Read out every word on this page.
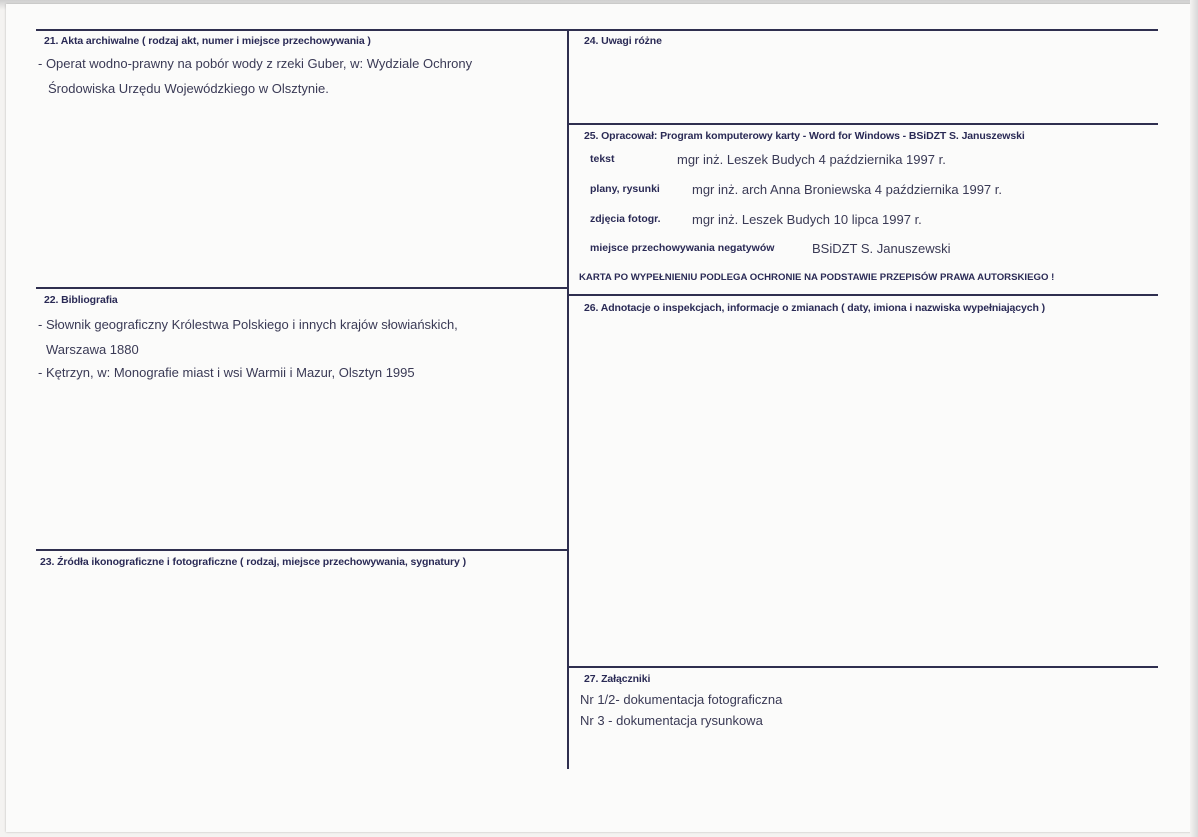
21. Akta archiwalne ( rodzaj akt, numer i miejsce przechowywania )
- Operat wodno-prawny na pobór wody z rzeki Guber, w: Wydziale Ochrony
Środowiska Urzędu Wojewódzkiego w Olsztynie.
22. Bibliografia
- Słownik geograficzny Królestwa Polskiego i innych krajów słowiańskich,
Warszawa 1880
- Kętrzyn, w: Monografie miast i wsi Warmii i Mazur, Olsztyn 1995
23. Źródła ikonograficzne i fotograficzne ( rodzaj, miejsce przechowywania, sygnatury )
24. Uwagi różne
25. Opracował: Program komputerowy karty - Word for Windows - BSiDZT S. Januszewski
tekst	mgr inż. Leszek Budych 4 października 1997 r.
plany, rysunki mgr inż. arch Anna Broniewska 4 października 1997 r.
zdjęcia fotogr. mgr inż. Leszek Budych 10 lipca 1997 r.
miejsce przechowywania negatywów	BSiDZT S. Januszewski
KARTA PO WYPEŁNIENIU PODLEGA OCHRONIE NA PODSTAWIE PRZEPISÓW PRAWA AUTORSKIEGO !
26. Adnotacje o inspekcjach, informacje o zmianach ( daty, imiona i nazwiska wypełniających )
27. Załączniki
Nr 1/2- dokumentacja fotograficzna
Nr 3 - dokumentacja rysunkowa
